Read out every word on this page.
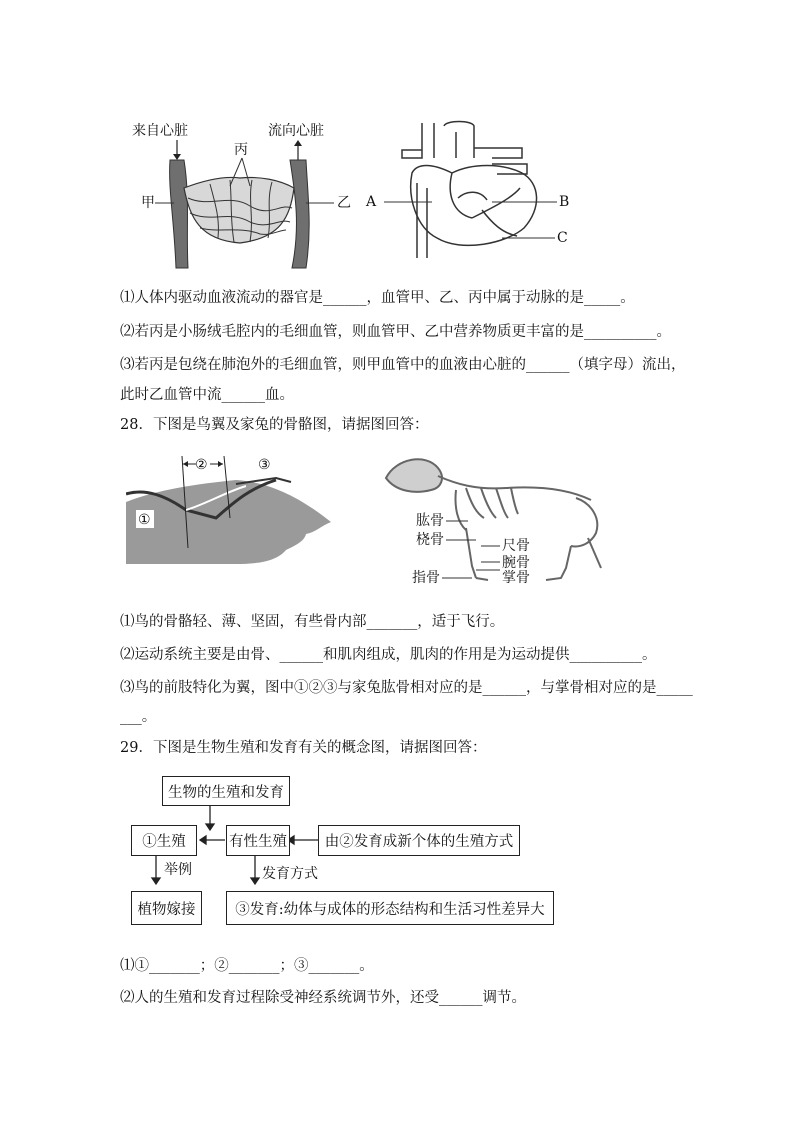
来自心脏	流向心脏
丙
甲	乙 A	B
C
⑴人体内驱动血液流动的器官是______，血管甲、乙、丙中属于动脉的是_____。
⑵若丙是小肠绒毛腔内的毛细血管，则血管甲、乙中营养物质更丰富的是__________。
⑶若丙是包绕在肺泡外的毛细血管，则甲血管中的血液由心脏的______（填字母）流出，
此时乙血管中流______血。
28．下图是鸟翼及家兔的骨骼图，请据图回答：
①
②	③
肱骨
桡骨	尺骨
腕骨
掌骨
指骨
⑴鸟的骨骼轻、薄、坚固，有些骨内部_______，适于飞行。
⑵运动系统主要是由骨、______和肌肉组成，肌肉的作用是为运动提供__________。
⑶鸟的前肢特化为翼，图中①②③与家兔肱骨相对应的是______，与掌骨相对应的是_____
___。
29．下图是生物生殖和发育有关的概念图，请据图回答：
生物的生殖和发育
①生殖	有性生殖	由②发育成新个体的生殖方式
举例	发育方式
植物嫁接	③发育:幼体与成体的形态结构和生活习性差异大
⑴①_______；②_______；③_______。
⑵人的生殖和发育过程除受神经系统调节外，还受______调节。
